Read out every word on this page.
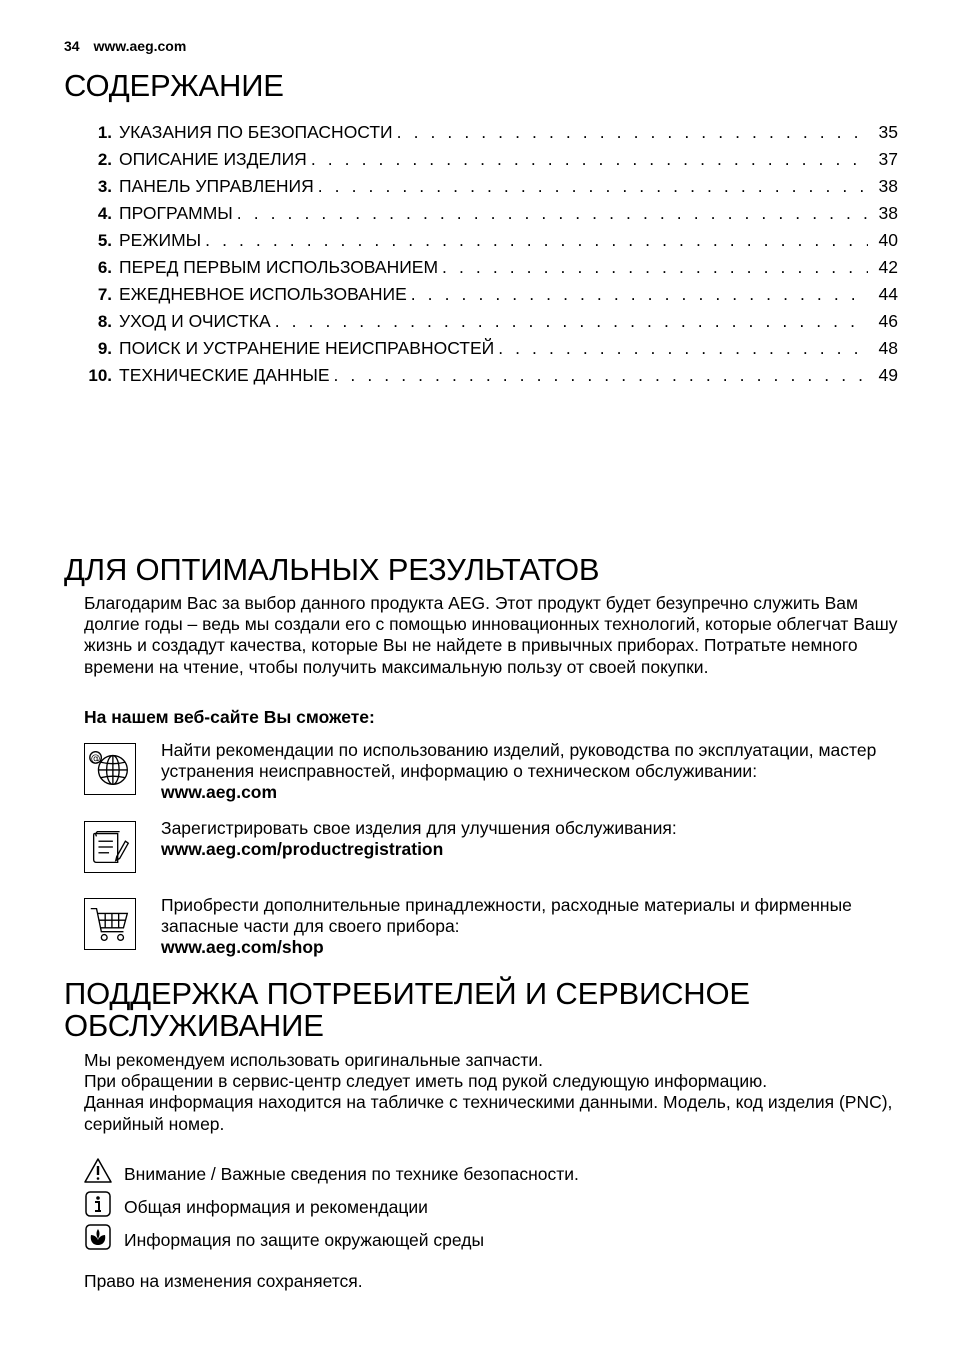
34 www.aeg.com
СОДЕРЖАНИЕ
1. УКАЗАНИЯ ПО БЕЗОПАСНОСТИ . . .	35
2. ОПИСАНИЕ ИЗДЕЛИЯ . . .	37
3. ПАНЕЛЬ УПРАВЛЕНИЯ . . .	38
4. ПРОГРАММЫ . . .	38
5. РЕЖИМЫ . . .	40
6. ПЕРЕД ПЕРВЫМ ИСПОЛЬЗОВАНИЕМ . . .	42
7. ЕЖЕДНЕВНОЕ ИСПОЛЬЗОВАНИЕ . . .	44
8. УХОД И ОЧИСТКА . . .	46
9. ПОИСК И УСТРАНЕНИЕ НЕИСПРАВНОСТЕЙ . . .	48
10. ТЕХНИЧЕСКИЕ ДАННЫЕ . . .	49
ДЛЯ ОПТИМАЛЬНЫХ РЕЗУЛЬТАТОВ
Благодарим Вас за выбор данного продукта AEG. Этот продукт будет безупречно служить Вам долгие годы – ведь мы создали его с помощью инновационных технологий, которые облегчат Вашу жизнь и создадут качества, которые Вы не найдете в привычных приборах. Потратьте немного времени на чтение, чтобы получить максимальную пользу от своей покупки.
На нашем веб-сайте Вы сможете:
@	Найти рекомендации по использованию изделий, руководства по эксплуатации, мастер устранения неисправностей, информацию о техническом обслуживании:
www.aeg.com
Зарегистрировать свое изделия для улучшения обслуживания:
www.aeg.com/productregistration
Приобрести дополнительные принадлежности, расходные материалы и фирменные запасные части для своего прибора:
www.aeg.com/shop
ПОДДЕРЖКА ПОТРЕБИТЕЛЕЙ И СЕРВИСНОЕ
ОБСЛУЖИВАНИЕ
Мы рекомендуем использовать оригинальные запчасти.
При обращении в сервис-центр следует иметь под рукой следующую информацию.
Данная информация находится на табличке с техническими данными. Модель, код изделия (PNC), серийный номер.
Внимание / Важные сведения по технике безопасности.
Общая информация и рекомендации
Информация по защите окружающей среды
Право на изменения сохраняется.
